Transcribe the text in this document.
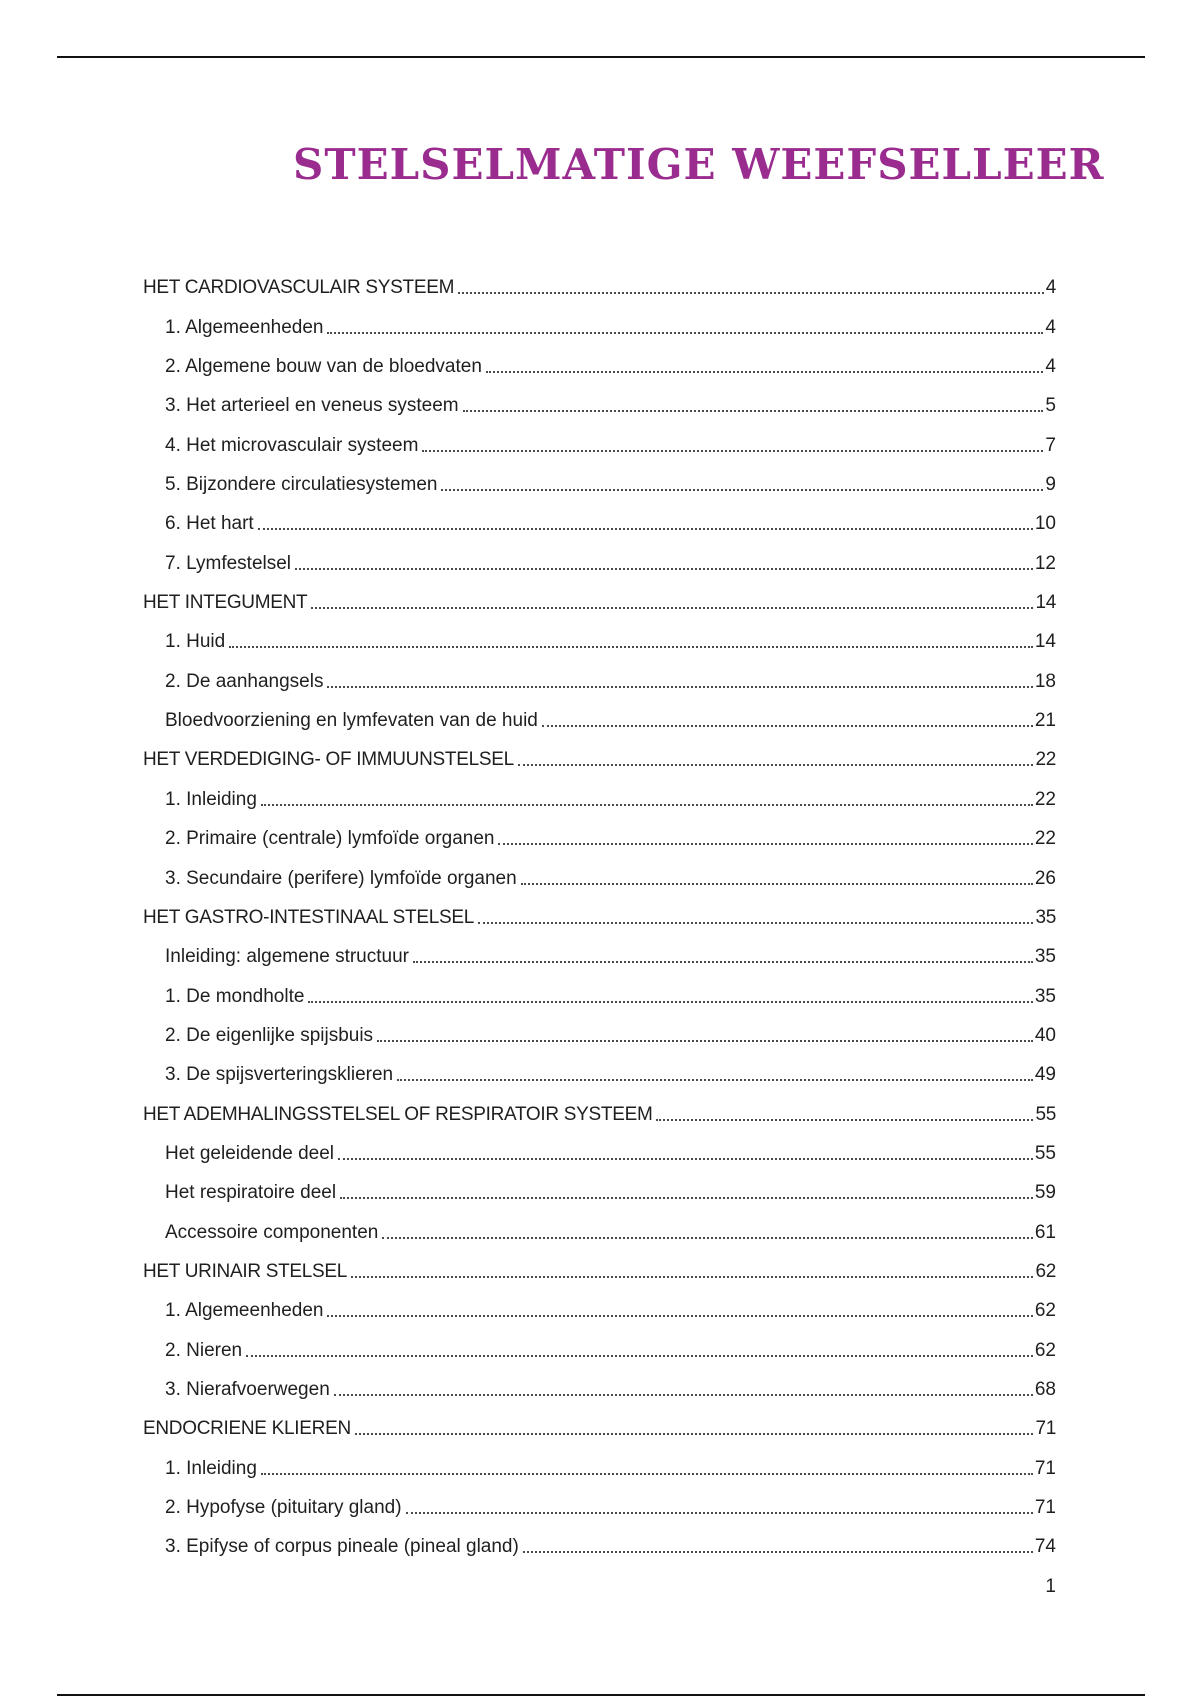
STELSELMATIGE WEEFSELLEER
HET CARDIOVASCULAIR SYSTEEM	4
1. Algemeenheden	4
2. Algemene bouw van de bloedvaten	4
3. Het arterieel en veneus systeem	5
4. Het microvasculair systeem	7
5. Bijzondere circulatiesystemen	9
6. Het hart	10
7. Lymfestelsel	12
HET INTEGUMENT	14
1. Huid	14
2. De aanhangsels	18
Bloedvoorziening en lymfevaten van de huid	21
HET VERDEDIGING- OF IMMUUNSTELSEL	22
1. Inleiding	22
2. Primaire (centrale) lymfoïde organen	22
3. Secundaire (perifere) lymfoïde organen	26
HET GASTRO-INTESTINAAL STELSEL	35
Inleiding: algemene structuur	35
1. De mondholte	35
2. De eigenlijke spijsbuis	40
3. De spijsverteringsklieren	49
HET ADEMHALINGSSTELSEL OF RESPIRATOIR SYSTEEM	55
Het geleidende deel	55
Het respiratoire deel	59
Accessoire componenten	61
HET URINAIR STELSEL	62
1. Algemeenheden	62
2. Nieren	62
3. Nierafvoerwegen	68
ENDOCRIENE KLIEREN	71
1. Inleiding	71
2. Hypofyse (pituitary gland)	71
3. Epifyse of corpus pineale (pineal gland)	74
1
